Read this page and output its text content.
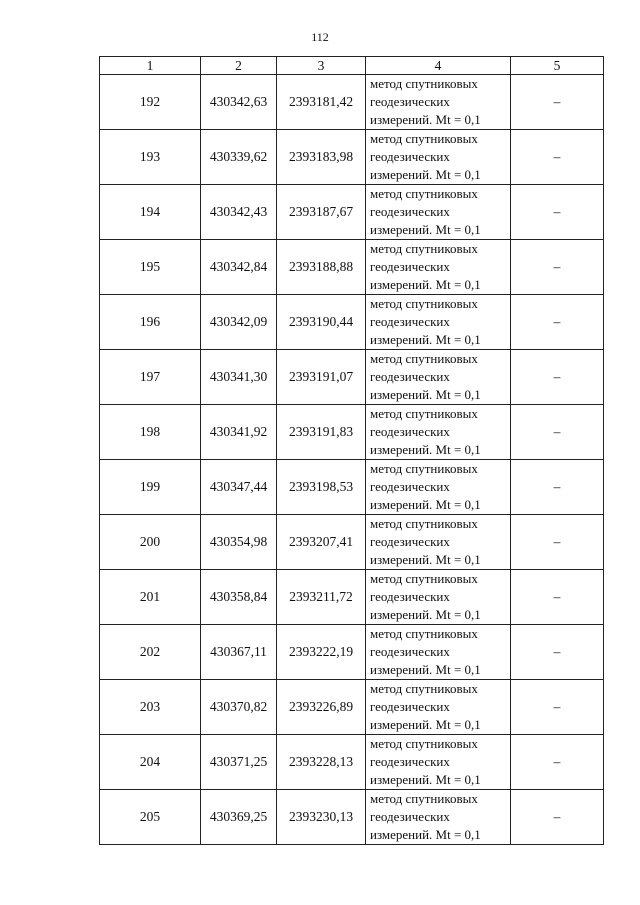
112
1	2	3	4	5
192	430342,63	2393181,42	метод спутниковых
геодезических
измерений. Mt = 0,1	–
193	430339,62	2393183,98	метод спутниковых
геодезических
измерений. Mt = 0,1	–
194	430342,43	2393187,67	метод спутниковых
геодезических
измерений. Mt = 0,1	–
195	430342,84	2393188,88	метод спутниковых
геодезических
измерений. Mt = 0,1	–
196	430342,09	2393190,44	метод спутниковых
геодезических
измерений. Mt = 0,1	–
197	430341,30	2393191,07	метод спутниковых
геодезических
измерений. Mt = 0,1	–
198	430341,92	2393191,83	метод спутниковых
геодезических
измерений. Mt = 0,1	–
199	430347,44	2393198,53	метод спутниковых
геодезических
измерений. Mt = 0,1	–
200	430354,98	2393207,41	метод спутниковых
геодезических
измерений. Mt = 0,1	–
201	430358,84	2393211,72	метод спутниковых
геодезических
измерений. Mt = 0,1	–
202	430367,11	2393222,19	метод спутниковых
геодезических
измерений. Mt = 0,1	–
203	430370,82	2393226,89	метод спутниковых
геодезических
измерений. Mt = 0,1	–
204	430371,25	2393228,13	метод спутниковых
геодезических
измерений. Mt = 0,1	–
205	430369,25	2393230,13	метод спутниковых
геодезических
измерений. Mt = 0,1	–
